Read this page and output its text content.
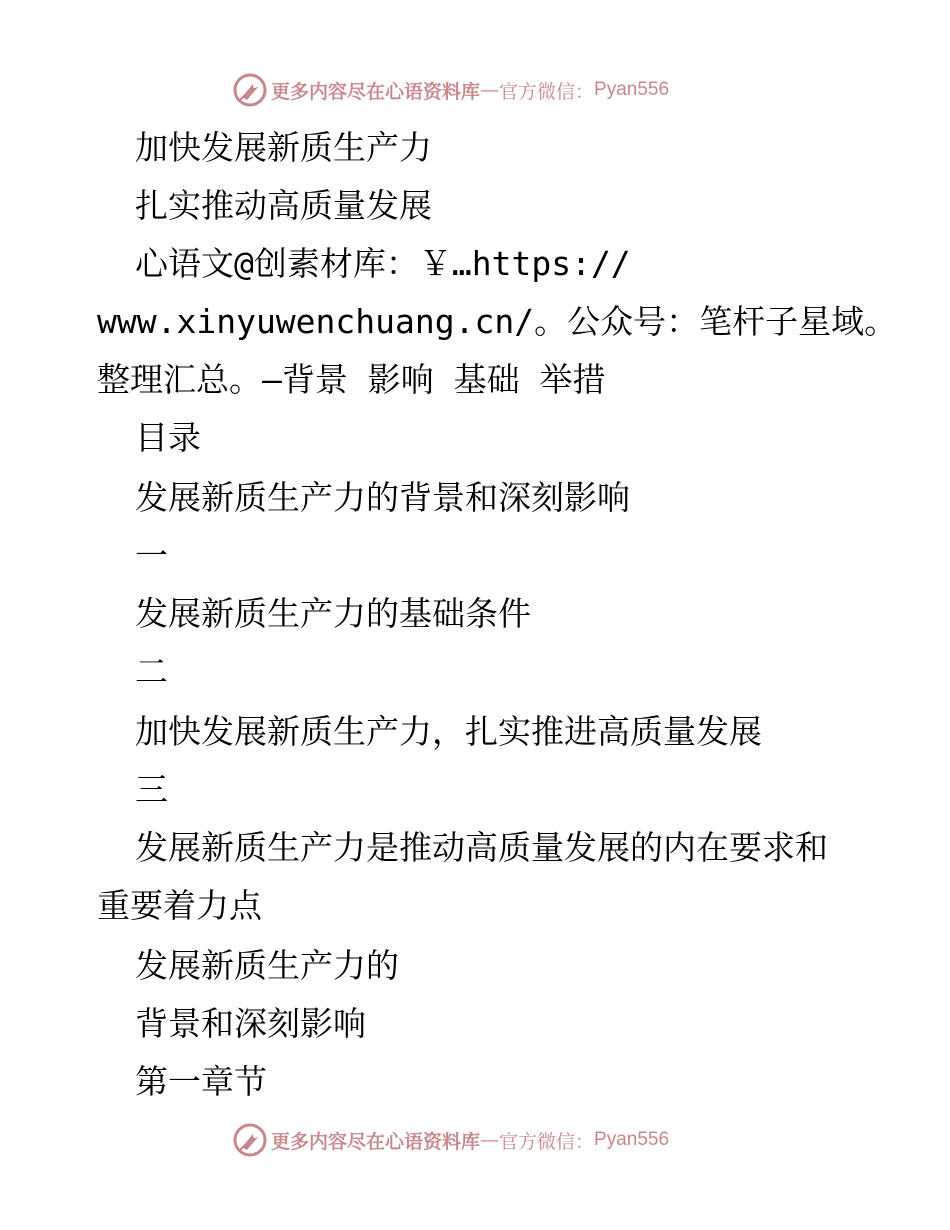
更多内容尽在心语资料库 — 官方微信： Pyan556
加快发展新质生产力
扎实推动高质量发展
心语文@创素材库：￥…https://
www.xinyuwenchuang.cn/。公众号：笔杆子星域。
整理汇总。—背景 影响 基础 举措
目录
发展新质生产力的背景和深刻影响
一
发展新质生产力的基础条件
二
加快发展新质生产力，扎实推进高质量发展
三
发展新质生产力是推动高质量发展的内在要求和
重要着力点
发展新质生产力的
背景和深刻影响
第一章节
更多内容尽在心语资料库 — 官方微信： Pyan556
